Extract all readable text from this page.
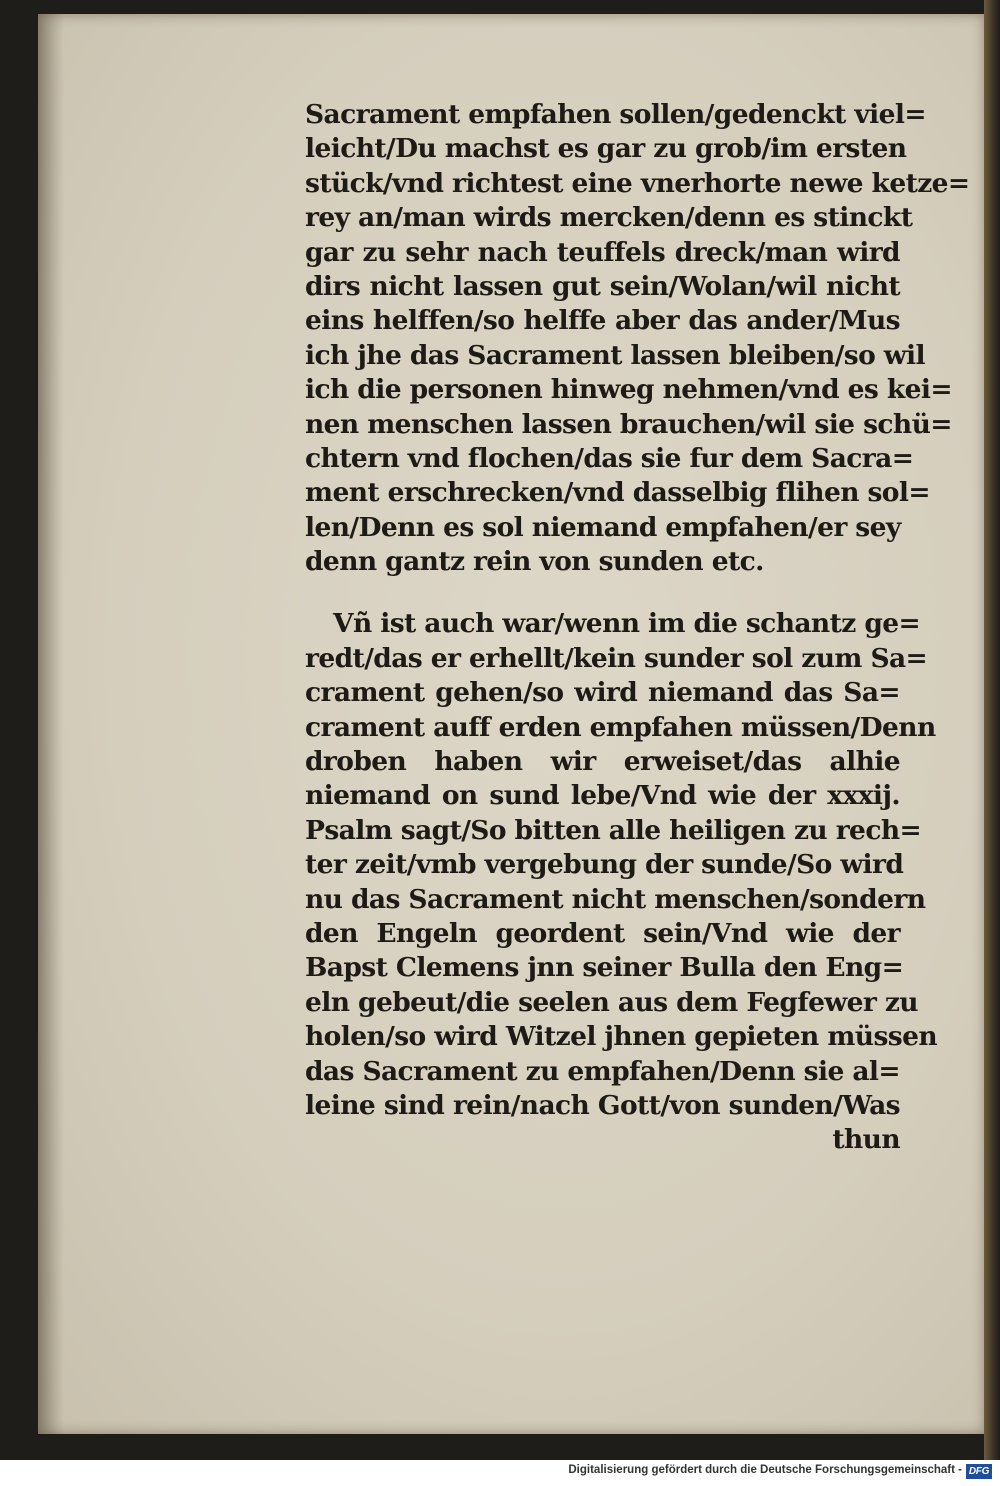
Sacrament empfahen sollen/gedenckt viel=
leicht/Du machst es gar zu grob/im ersten
stück/vnd richtest eine vnerhorte newe ketze=
rey an/man wirds mercken/denn es stinckt
gar zu sehr nach teuffels dreck/man wird
dirs nicht lassen gut sein/Wolan/wil nicht
eins helffen/so helffe aber das ander/Mus
ich jhe das Sacrament lassen bleiben/so wil
ich die personen hinweg nehmen/vnd es kei=
nen menschen lassen brauchen/wil sie schü=
chtern vnd flochen/das sie fur dem Sacra=
ment erschrecken/vnd dasselbig flihen sol=
len/Denn es sol niemand empfahen/er sey
denn gantz rein von sunden etc.
Vñ ist auch war/wenn im die schantz ge=
redt/das er erhellt/kein sunder sol zum Sa=
crament gehen/so wird niemand das Sa=
crament auff erden empfahen müssen/Denn
droben haben wir erweiset/das alhie
niemand on sund lebe/Vnd wie der xxxij.
Psalm sagt/So bitten alle heiligen zu rech=
ter zeit/vmb vergebung der sunde/So wird
nu das Sacrament nicht menschen/sondern
den Engeln geordent sein/Vnd wie der
Bapst Clemens jnn seiner Bulla den Eng=
eln gebeut/die seelen aus dem Fegfewer zu
holen/so wird Witzel jhnen gepieten müssen
das Sacrament zu empfahen/Denn sie al=
leine sind rein/nach Gott/von sunden/Was
thun
Digitalisierung gefördert durch die Deutsche Forschungsgemeinschaft - DFG
